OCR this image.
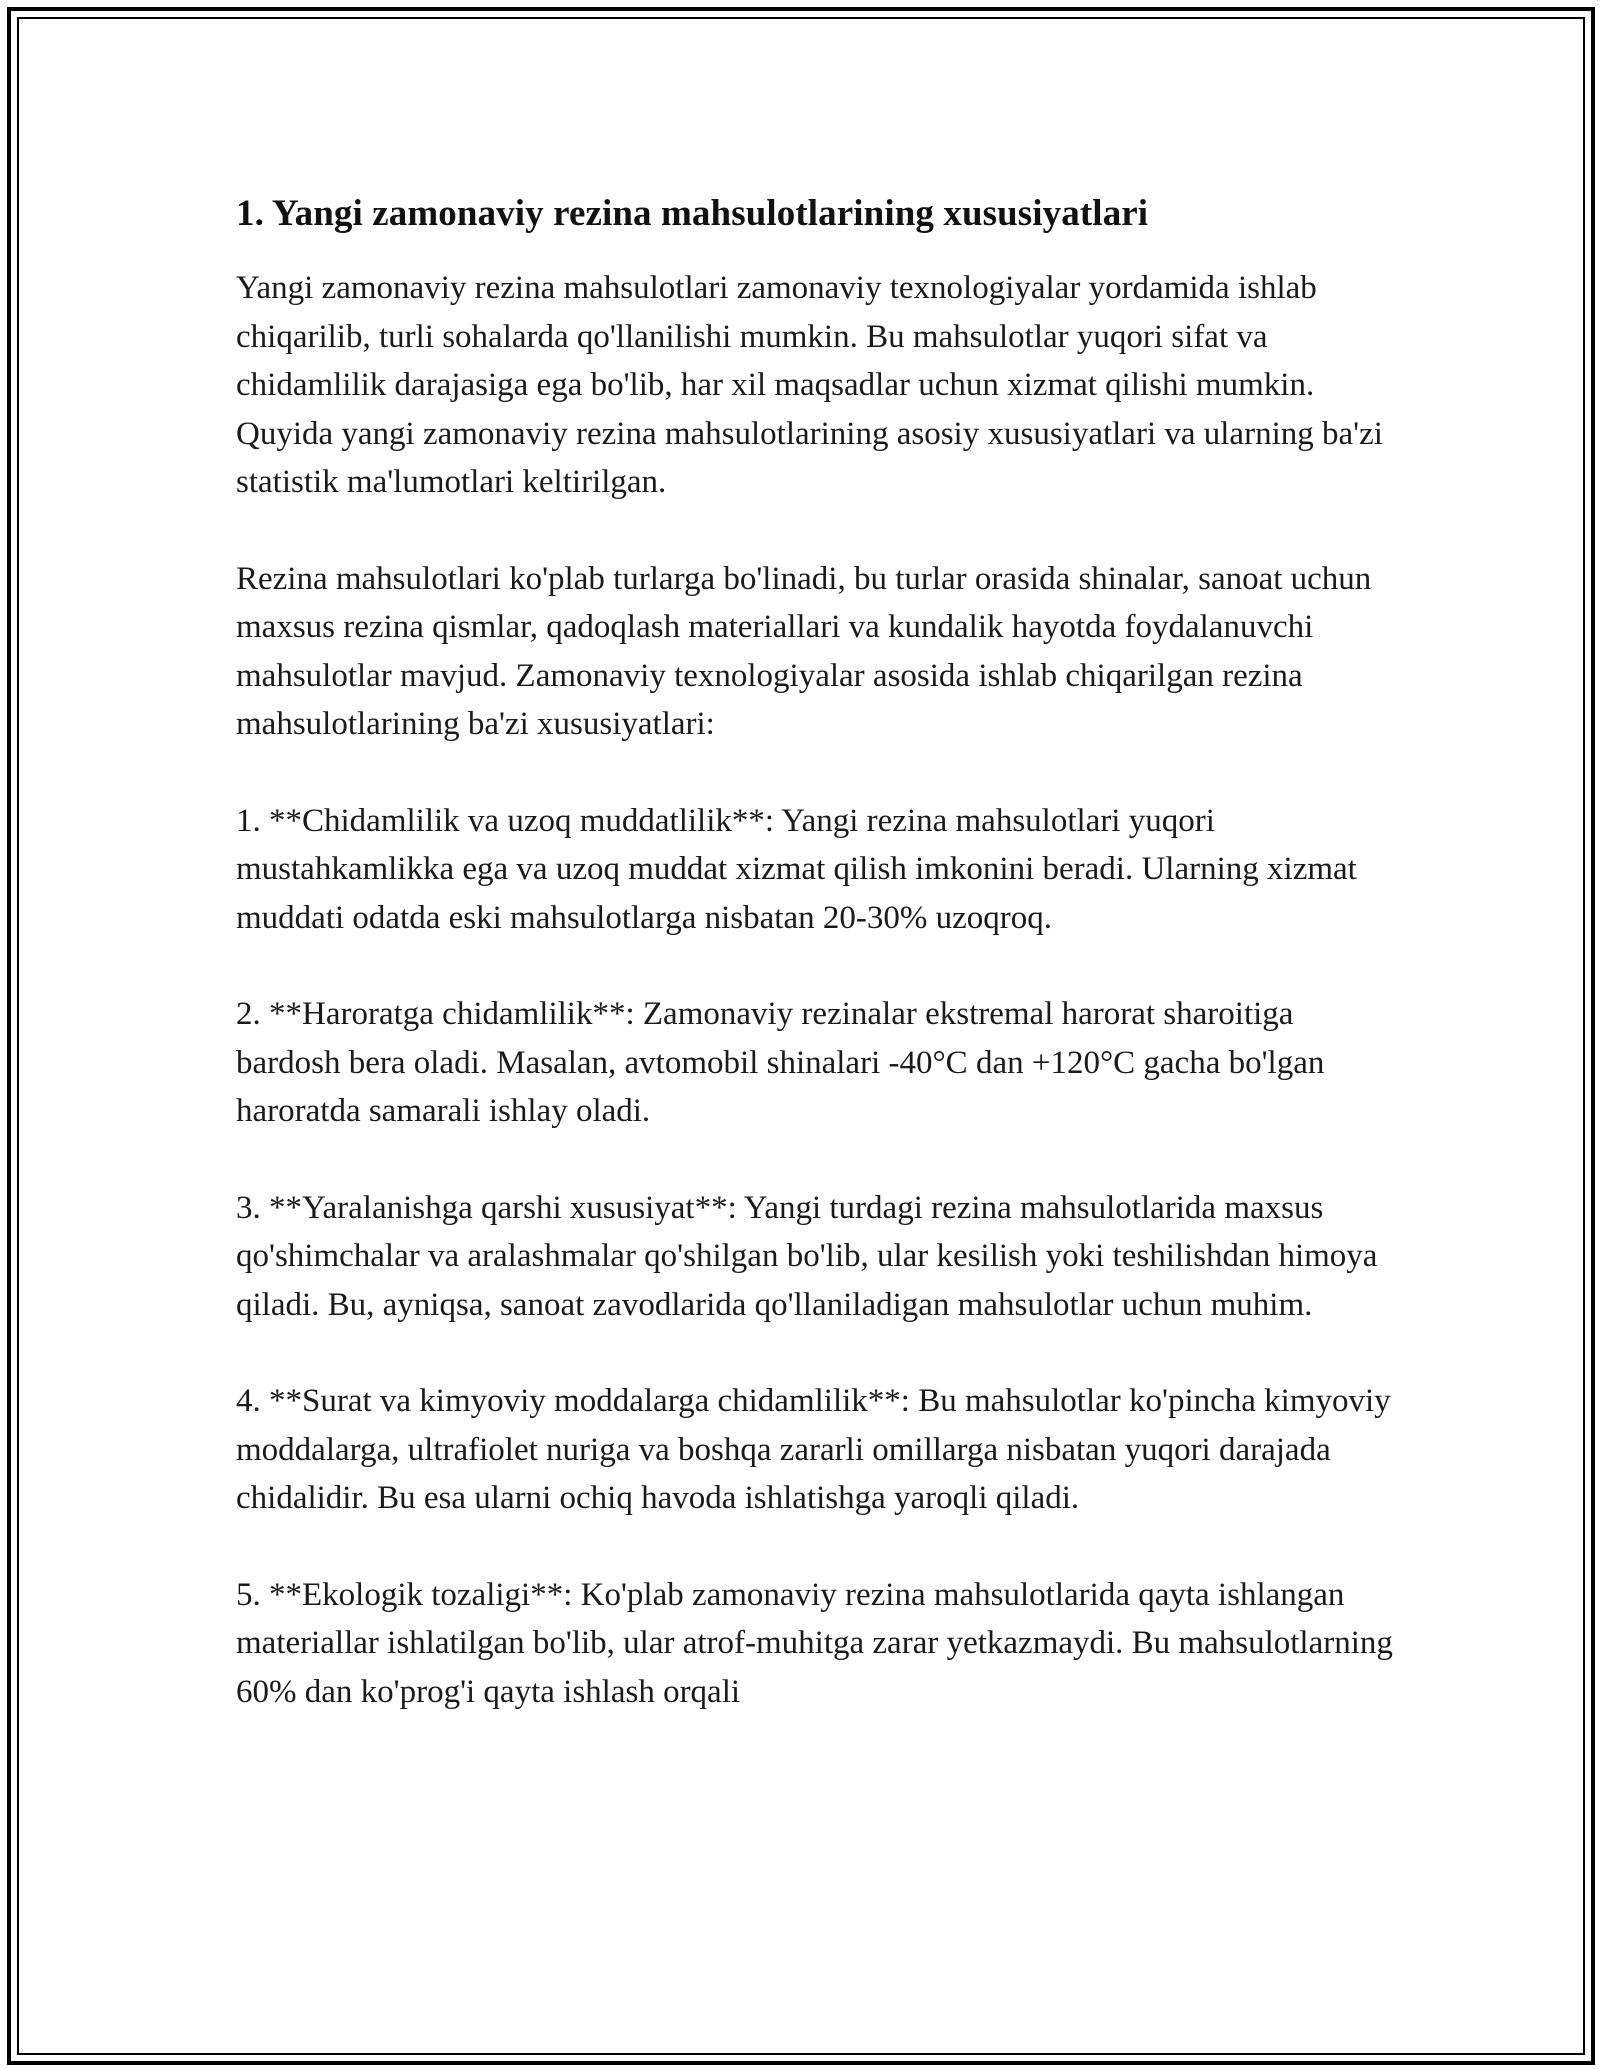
1. Yangi zamonaviy rezina mahsulotlarining xususiyatlari

Yangi zamonaviy rezina mahsulotlari zamonaviy texnologiyalar yordamida ishlab chiqarilib, turli sohalarda qo'llanilishi mumkin. Bu mahsulotlar yuqori sifat va chidamlilik darajasiga ega bo'lib, har xil maqsadlar uchun xizmat qilishi mumkin. Quyida yangi zamonaviy rezina mahsulotlarining asosiy xususiyatlari va ularning ba'zi statistik ma'lumotlari keltirilgan.

Rezina mahsulotlari ko'plab turlarga bo'linadi, bu turlar orasida shinalar, sanoat uchun maxsus rezina qismlar, qadoqlash materiallari va kundalik hayotda foydalanuvchi mahsulotlar mavjud. Zamonaviy texnologiyalar asosida ishlab chiqarilgan rezina mahsulotlarining ba'zi xususiyatlari:

1. **Chidamlilik va uzoq muddatlilik**: Yangi rezina mahsulotlari yuqori mustahkamlikka ega va uzoq muddat xizmat qilish imkonini beradi. Ularning xizmat muddati odatda eski mahsulotlarga nisbatan 20-30% uzoqroq.

2. **Haroratga chidamlilik**: Zamonaviy rezinalar ekstremal harorat sharoitiga bardosh bera oladi. Masalan, avtomobil shinalari -40°C dan +120°C gacha bo'lgan haroratda samarali ishlay oladi.

3. **Yaralanishga qarshi xususiyat**: Yangi turdagi rezina mahsulotlarida maxsus qo'shimchalar va aralashmalar qo'shilgan bo'lib, ular kesilish yoki teshilishdan himoya qiladi. Bu, ayniqsa, sanoat zavodlarida qo'llaniladigan mahsulotlar uchun muhim.

4. **Surat va kimyoviy moddalarga chidamlilik**: Bu mahsulotlar ko'pincha kimyoviy moddalarga, ultrafiolet nuriga va boshqa zararli omillarga nisbatan yuqori darajada chidalidir. Bu esa ularni ochiq havoda ishlatishga yaroqli qiladi.

5. **Ekologik tozaligi**: Ko'plab zamonaviy rezina mahsulotlarida qayta ishlangan materiallar ishlatilgan bo'lib, ular atrof-muhitga zarar yetkazmaydi. Bu mahsulotlarning 60% dan ko'prog'i qayta ishlash orqali
